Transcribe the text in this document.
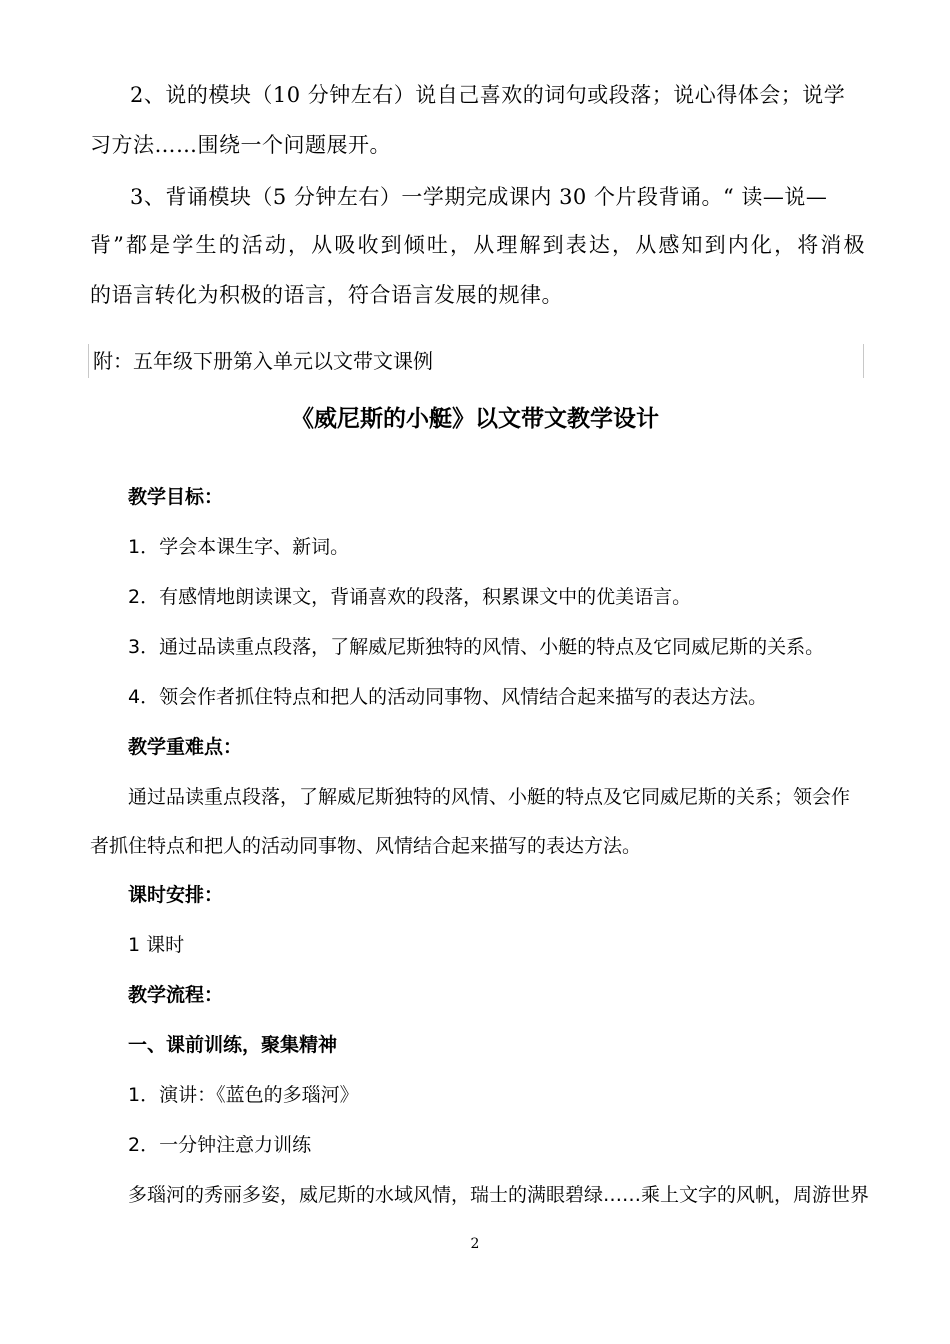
2、说的模块（10 分钟左右）说自己喜欢的词句或段落；说心得体会；说学
习方法……围绕一个问题展开。
3、背诵模块（5 分钟左右）一学期完成课内 30 个片段背诵。“ 读—说—
背”都是学生的活动，从吸收到倾吐，从理解到表达，从感知到内化，将消极
的语言转化为积极的语言，符合语言发展的规律。
附：五年级下册第入单元以文带文课例
《威尼斯的小艇》以文带文教学设计
教学目标：
1．学会本课生字、新词。
2．有感情地朗读课文，背诵喜欢的段落，积累课文中的优美语言。
3．通过品读重点段落，了解威尼斯独特的风情、小艇的特点及它同威尼斯的关系。
4．领会作者抓住特点和把人的活动同事物、风情结合起来描写的表达方法。
教学重难点：
通过品读重点段落，了解威尼斯独特的风情、小艇的特点及它同威尼斯的关系；领会作
者抓住特点和把人的活动同事物、风情结合起来描写的表达方法。
课时安排：
1 课时
教学流程：
一、课前训练，聚集精神
1．演讲：《蓝色的多瑙河》
2．一分钟注意力训练
多瑙河的秀丽多姿，威尼斯的水域风情，瑞士的满眼碧绿……乘上文字的风帆，周游世界
2
